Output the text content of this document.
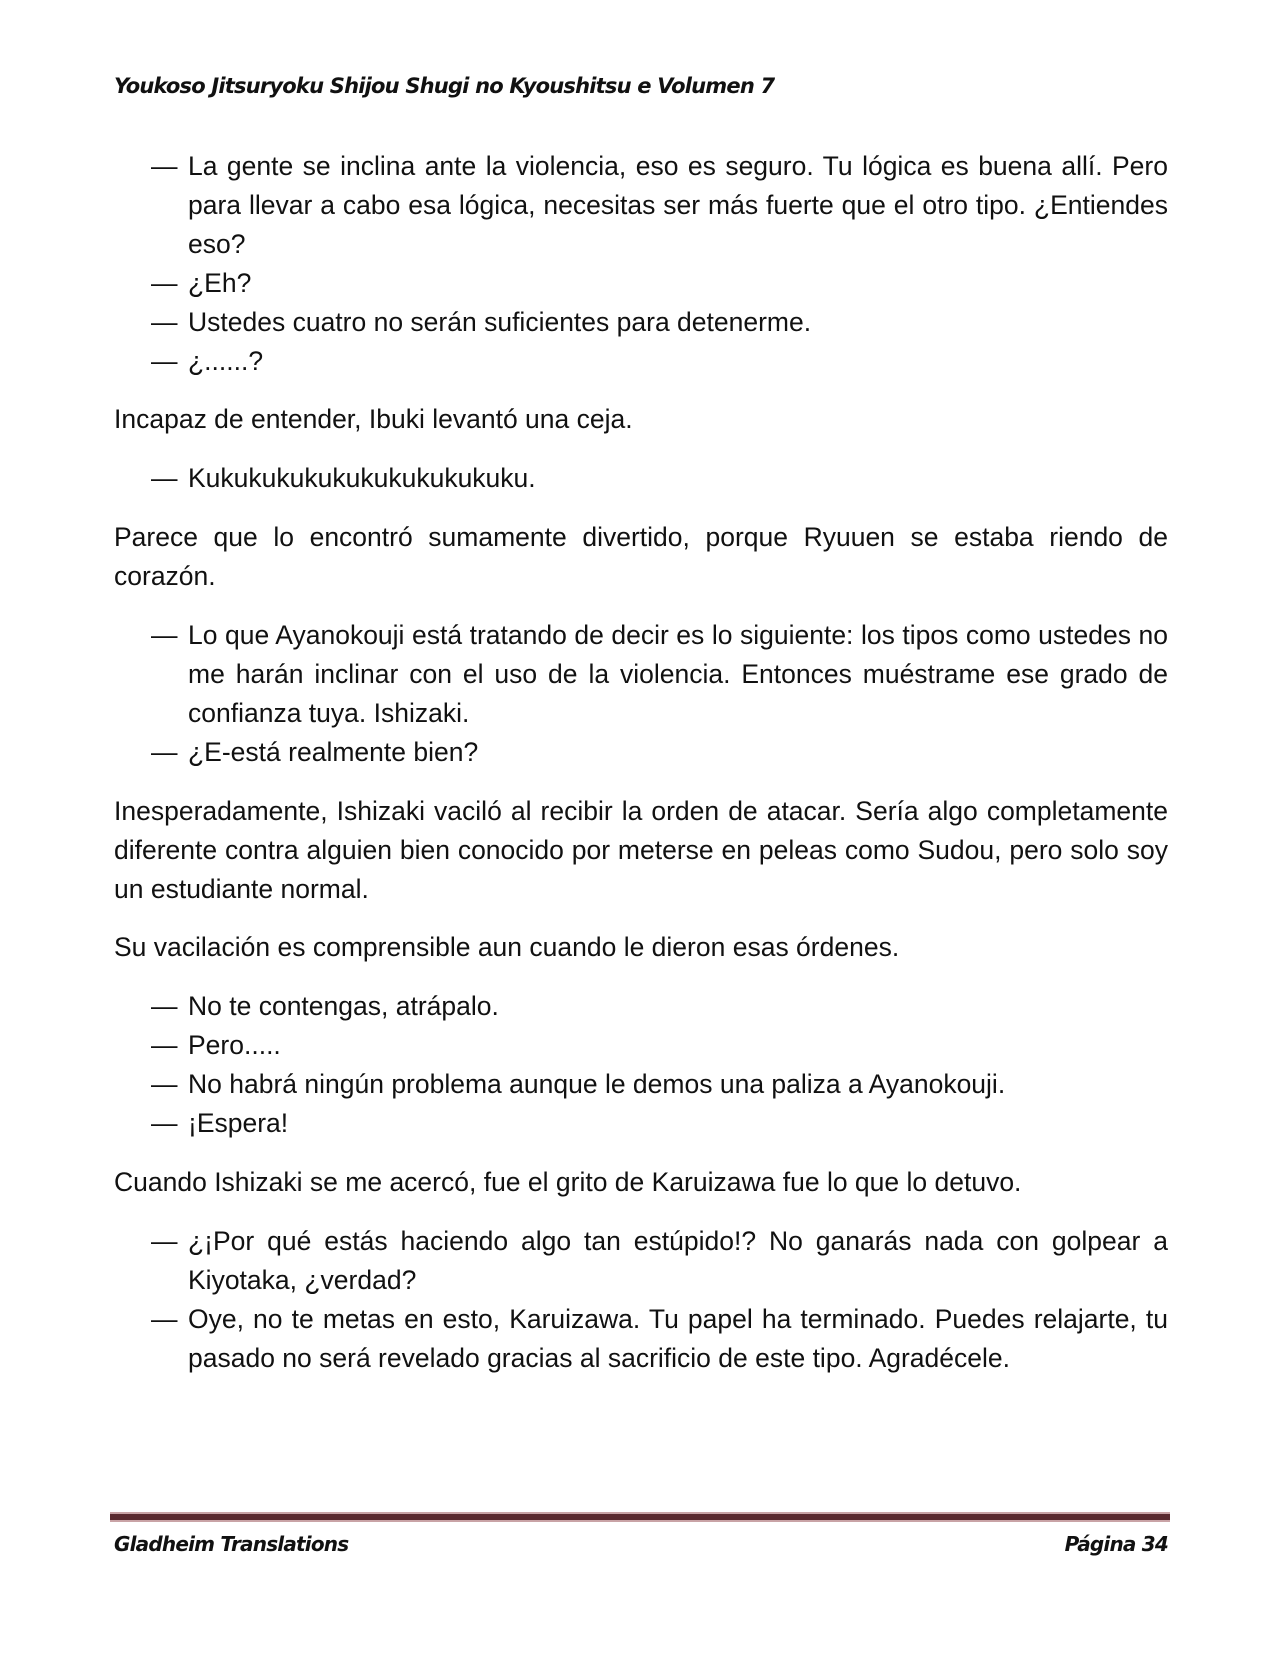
Youkoso Jitsuryoku Shijou Shugi no Kyoushitsu e Volumen 7
— La gente se inclina ante la violencia, eso es seguro. Tu lógica es buena allí. Pero para llevar a cabo esa lógica, necesitas ser más fuerte que el otro tipo. ¿Entiendes eso?
— ¿Eh?
— Ustedes cuatro no serán suficientes para detenerme.
— ¿......?
Incapaz de entender, Ibuki levantó una ceja.
— Kukukukukukukukukukukuku.
Parece que lo encontró sumamente divertido, porque Ryuuen se estaba riendo de corazón.
— Lo que Ayanokouji está tratando de decir es lo siguiente: los tipos como ustedes no me harán inclinar con el uso de la violencia. Entonces muéstrame ese grado de confianza tuya. Ishizaki.
— ¿E-está realmente bien?
Inesperadamente, Ishizaki vaciló al recibir la orden de atacar. Sería algo completamente diferente contra alguien bien conocido por meterse en peleas como Sudou, pero solo soy un estudiante normal.
Su vacilación es comprensible aun cuando le dieron esas órdenes.
— No te contengas, atrápalo.
— Pero.....
— No habrá ningún problema aunque le demos una paliza a Ayanokouji.
— ¡Espera!
Cuando Ishizaki se me acercó, fue el grito de Karuizawa fue lo que lo detuvo.
— ¿¡Por qué estás haciendo algo tan estúpido!? No ganarás nada con golpear a Kiyotaka, ¿verdad?
— Oye, no te metas en esto, Karuizawa. Tu papel ha terminado. Puedes relajarte, tu pasado no será revelado gracias al sacrificio de este tipo. Agradécele.
Gladheim Translations	Página 34
